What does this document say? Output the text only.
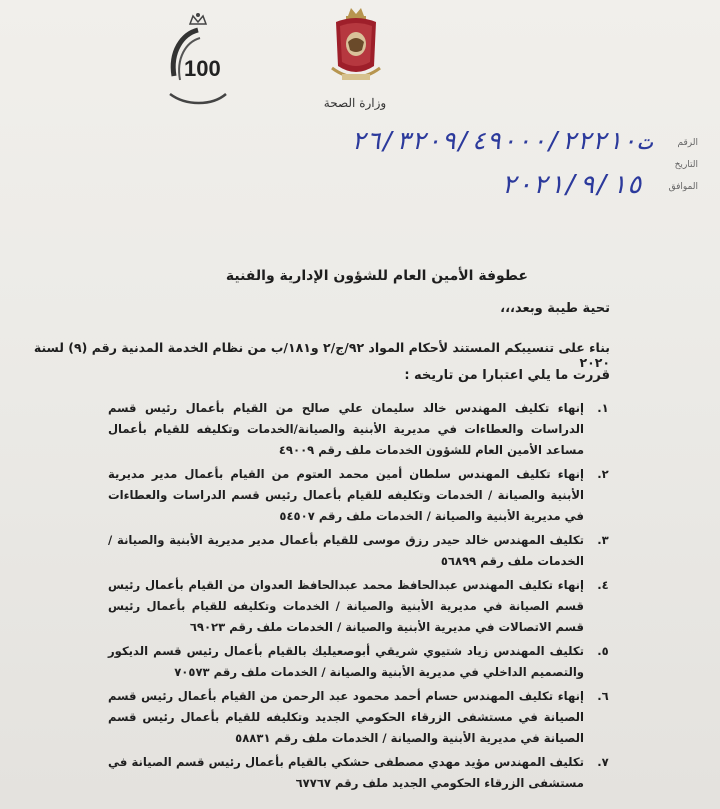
100
وزارة الصحة
الرقم
التاريخ
الموافق
ت۲٦/۳۲٠٩/٤٩٠٠٠/٢٢٢١٠
٢٠٢١/٩/١٥
عطوفة الأمين العام للشؤون الإدارية والفنية
تحية طيبة وبعد،،،
بناء على تنسيبكم المستند لأحكام المواد ٩٢/ج/٢ و١٨١/ب من نظام الخدمة المدنية رقم (٩) لسنة ٢٠٢٠
قررت ما يلي اعتبارا من تاريخه :
١.
إنهاء تكليف المهندس خالد سليمان علي صالح من القيام بأعمال رئيس قسم الدراسات والعطاءات في مديرية الأبنية والصيانة/الخدمات وتكليفه للقيام بأعمال مساعد الأمين العام للشؤون الخدمات ملف رقم ٤٩٠٠٩
٢.
إنهاء تكليف المهندس سلطان أمين محمد العتوم من القيام بأعمال مدير مديرية الأبنية والصيانة / الخدمات وتكليفه للقيام بأعمال رئيس قسم الدراسات والعطاءات في مديرية الأبنية والصيانة / الخدمات ملف رقم ٥٤٥٠٧
٣.
تكليف المهندس خالد حيدر رزق موسى للقيام بأعمال مدير مديرية الأبنية والصيانة / الخدمات ملف رقم ٥٦٨٩٩
٤.
إنهاء تكليف المهندس عبدالحافظ محمد عبدالحافظ العدوان من القيام بأعمال رئيس قسم الصيانة في مديرية الأبنية والصيانة / الخدمات وتكليفه للقيام بأعمال رئيس قسم الاتصالات في مديرية الأبنية والصيانة / الخدمات ملف رقم ٦٩٠٢٣
٥.
تكليف المهندس زياد شتيوي شريقي أبوصعيليك بالقيام بأعمال رئيس قسم الديكور والتصميم الداخلي في مديرية الأبنية والصيانة / الخدمات ملف رقم ٧٠٥٧٣
٦.
إنهاء تكليف المهندس حسام أحمد محمود عبد الرحمن من القيام بأعمال رئيس قسم الصيانة في مستشفى الزرقاء الحكومي الجديد وتكليفه للقيام بأعمال رئيس قسم الصيانة في مديرية الأبنية والصيانة / الخدمات ملف رقم ٥٨٨٣١
٧.
تكليف المهندس مؤيد مهدي مصطفى حشكي بالقيام بأعمال رئيس قسم الصيانة في مستشفى الزرقاء الحكومي الجديد ملف رقم ٦٧٧٦٧
